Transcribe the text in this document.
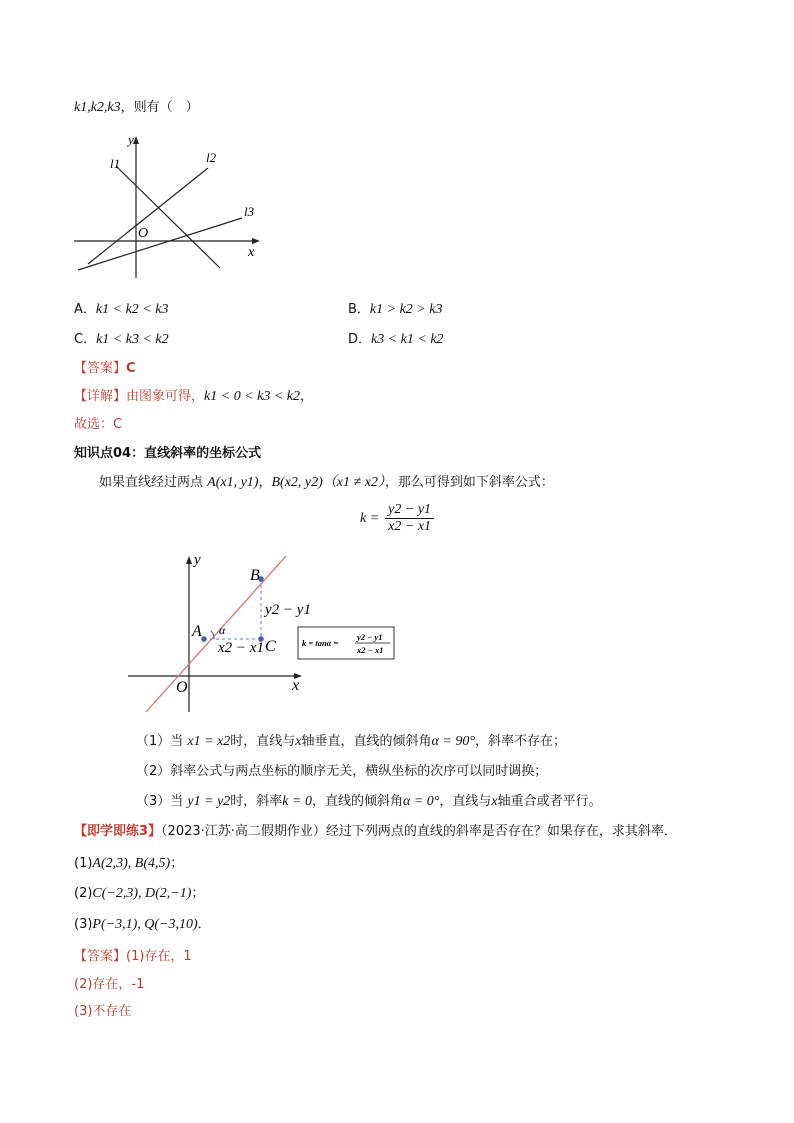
k1,k2,k3，则有（　）
y
x
O
l1	l2
l3
A．k1 < k2 < k3	B．k1 > k2 > k3
C．k1 < k3 < k2	D．k3 < k1 < k2
【答案】C
【详解】由图象可得，k1 < 0 < k3 < k2，
故选：C
知识点04：直线斜率的坐标公式
如果直线经过两点 A(x1, y1)，B(x2, y2)（x1 ≠ x2），那么可得到如下斜率公式：
$k = \frac{y2 - y1}{x2 - x1}$
y
x
O
A
B
C
α
y2 − y1
x2 − x1	k = tanα =
y2 − y1
x2 − x1
（1）当 x1 = x2时，直线与x轴垂直，直线的倾斜角α = 90°，斜率不存在；
（2）斜率公式与两点坐标的顺序无关，横纵坐标的次序可以同时调换；
（3）当 y1 = y2时，斜率k = 0，直线的倾斜角α = 0°，直线与x轴重合或者平行。
【即学即练3】（2023·江苏·高二假期作业）经过下列两点的直线的斜率是否存在？如果存在，求其斜率．
(1)A(2,3), B(4,5)；
(2)C(−2,3), D(2,−1)；
(3)P(−3,1), Q(−3,10)．
【答案】(1)存在，1
(2)存在，-1
(3)不存在
